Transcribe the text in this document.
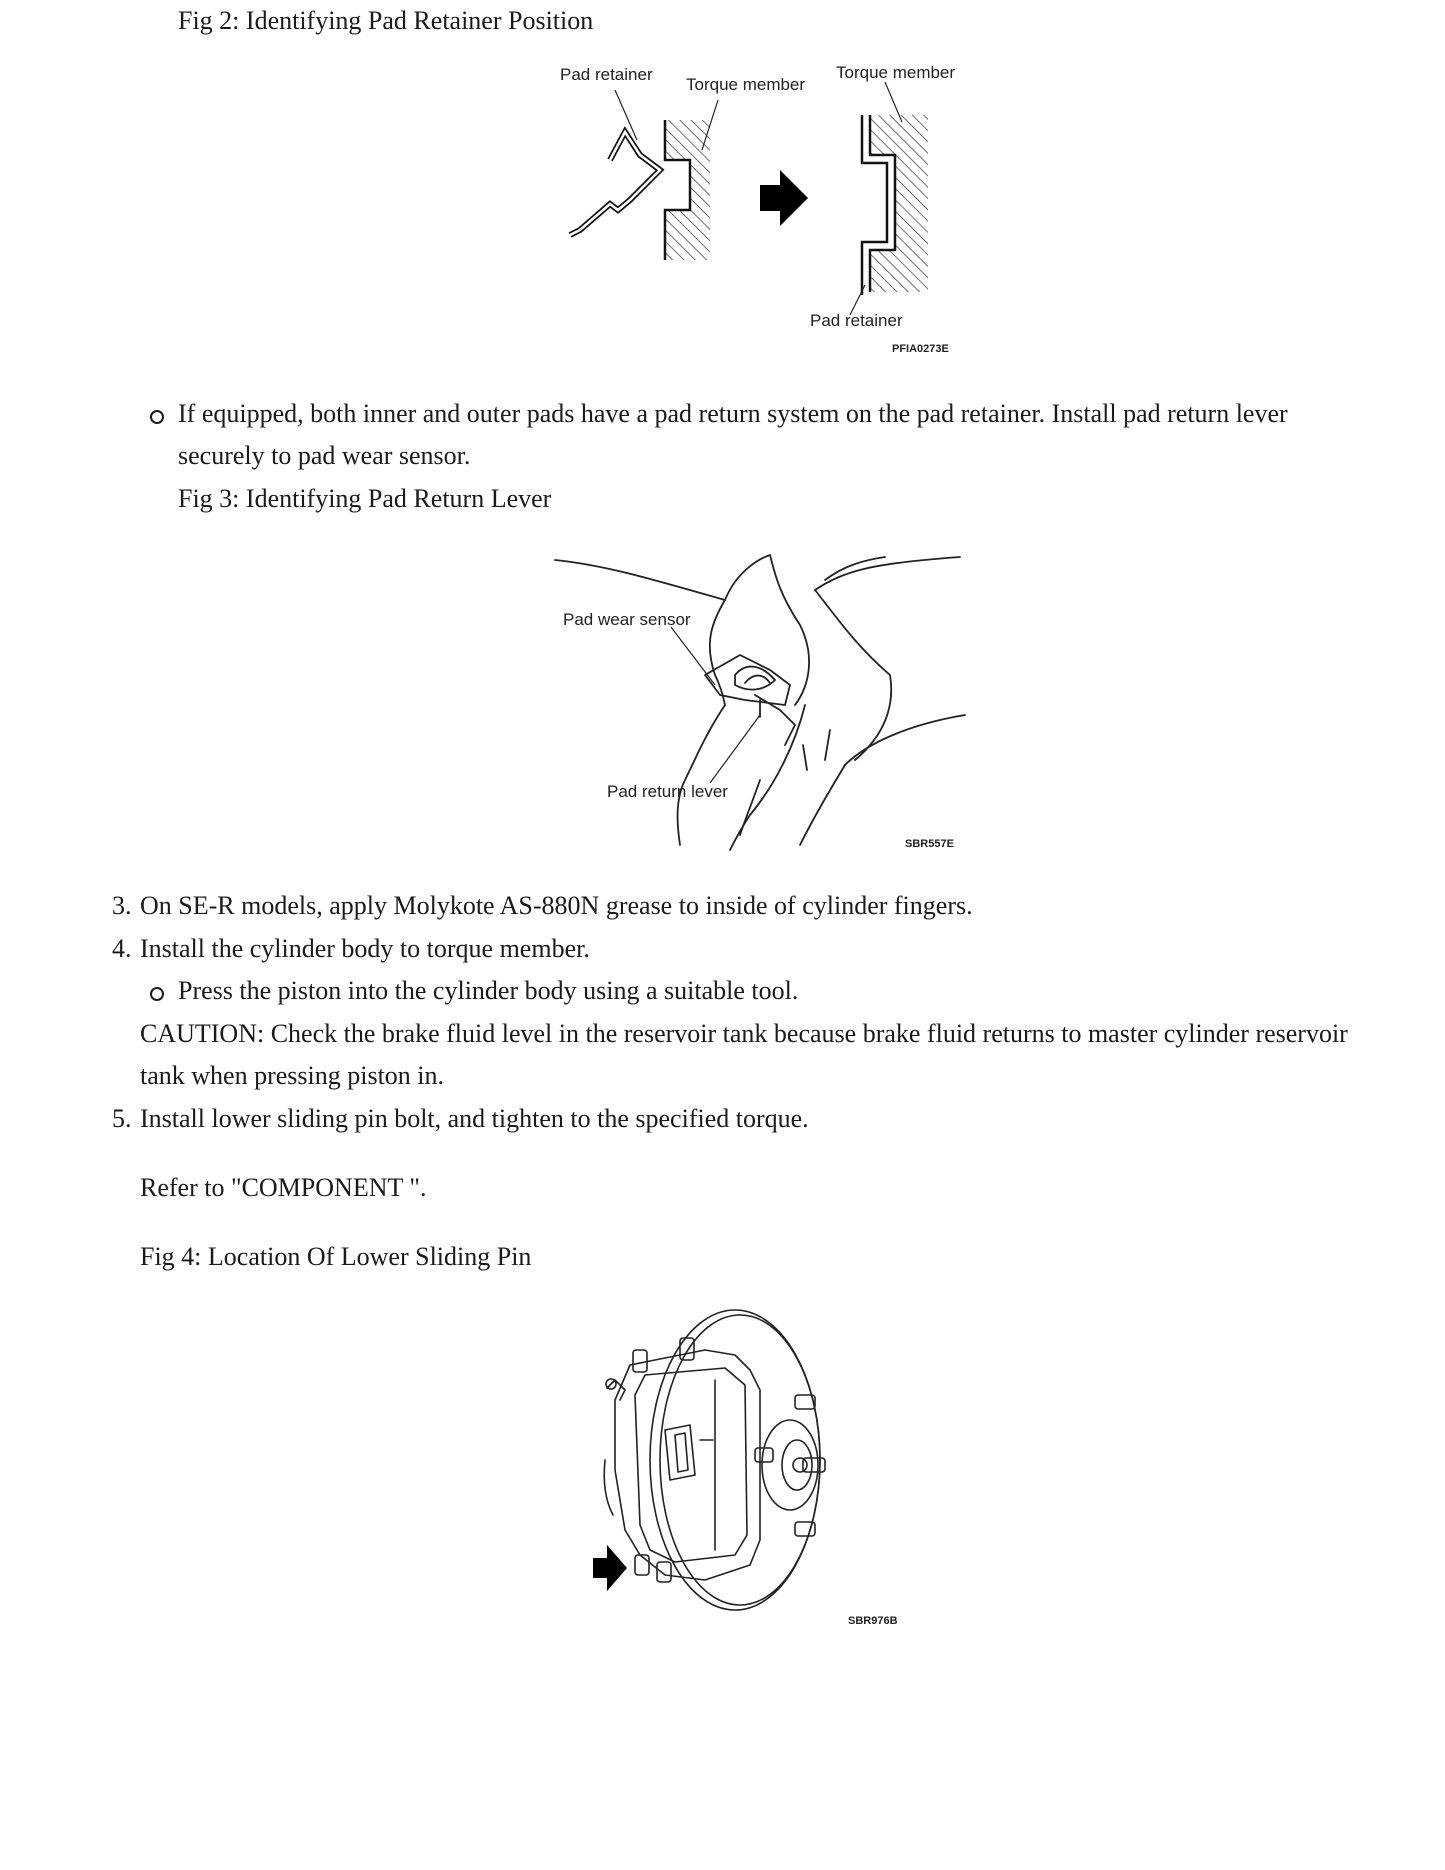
Fig 2: Identifying Pad Retainer Position
Pad retainer
Torque member
Torque member
Pad retainer
PFIA0273E
If equipped, both inner and outer pads have a pad return system on the pad retainer. Install pad return lever securely to pad wear sensor.
Fig 3: Identifying Pad Return Lever
Pad wear sensor
Pad return lever
SBR557E
3. On SE-R models, apply Molykote AS-880N grease to inside of cylinder fingers.
4. Install the cylinder body to torque member.
Press the piston into the cylinder body using a suitable tool.
CAUTION: Check the brake fluid level in the reservoir tank because brake fluid returns to master cylinder reservoir tank when pressing piston in.
5. Install lower sliding pin bolt, and tighten to the specified torque.
Refer to "COMPONENT ".
Fig 4: Location Of Lower Sliding Pin
SBR976B
